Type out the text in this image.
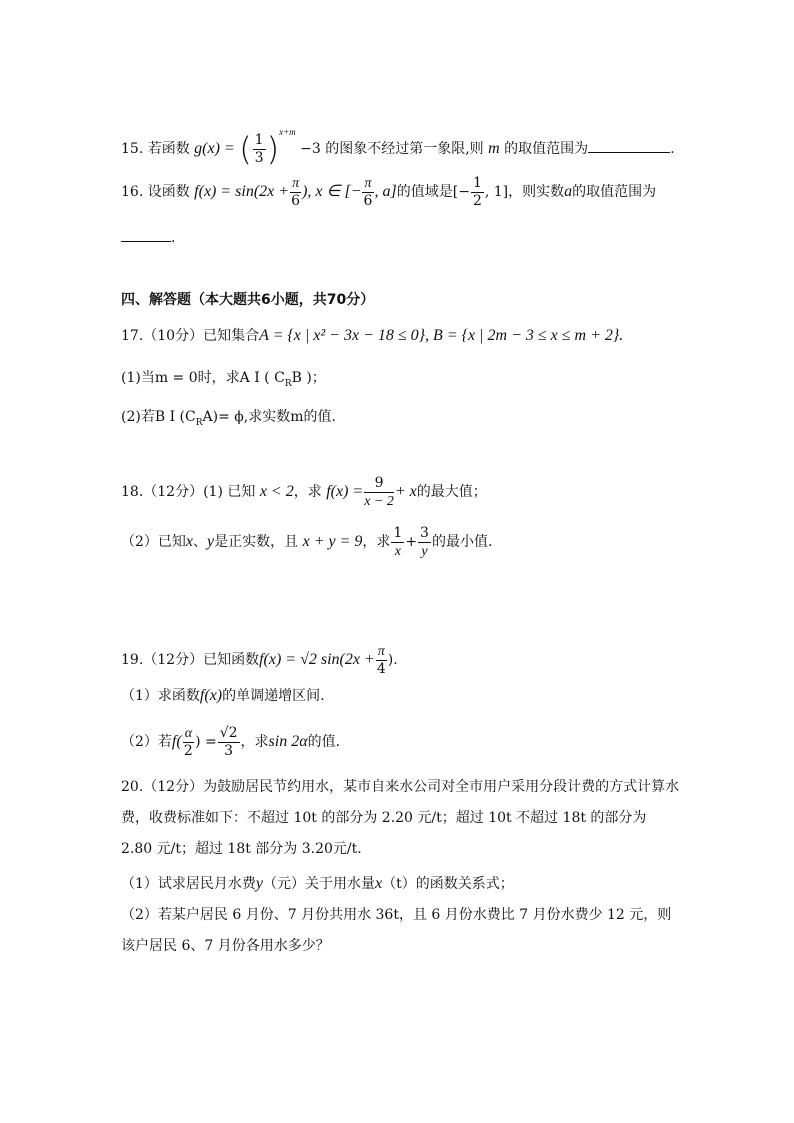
15. 若函数 g(x) = ( $\frac{1}{3} )^{x+m} -3$ 的图象不经过第一象限,则 m 的取值范围为	.
16. 设函数 $f(x) = \sin(2x + \frac{\pi}{6}$ ), x ∈ [− $\frac{\pi}{6}$ , a]的值域是[− $\frac{1}{2}$ , 1]，则实数a的取值范围为
.
四、解答题（本大题共6小题，共70分）
17.（10分）已知集合A = {x | x² − 3x − 18 ≤ 0}, B = {x | 2m − 3 ≤ x ≤ m + 2}.
(1)当m = 0时，求A I ( $C_RB$ )；
(2)若B I $(C_RA)= \phi$,求实数m的值.
18.（12分）(1) 已知 x < 2，求 $f(x) = \frac{9}{x - 2} + x$的最大值；
（2）已知x、y是正实数，且 x + y = 9，求 $\frac{1}{x} + \frac{3}{y}$ 的最小值.
19.（12分）已知函数f(x) = √2 $\sin(2x + \frac{\pi}{4}$ ).
（1）求函数f(x)的单调递增区间.
（2）若$f( \frac{\alpha}{2}$ ) = $\frac{√2}{3}$ ，求sin 2α的值.
20.（12分）为鼓励居民节约用水，某市自来水公司对全市用户采用分段计费的方式计算水费，收费标准如下：不超过 10t 的部分为 2.20 元/t；超过 10t 不超过 18t 的部分为 2.80 元/t；超过 18t 部分为 3.20元/t.
（1）试求居民月水费y（元）关于用水量x（t）的函数关系式；
（2）若某户居民 6 月份、7 月份共用水 36t，且 6 月份水费比 7 月份水费少 12 元，则该户居民 6、7 月份各用水多少？
